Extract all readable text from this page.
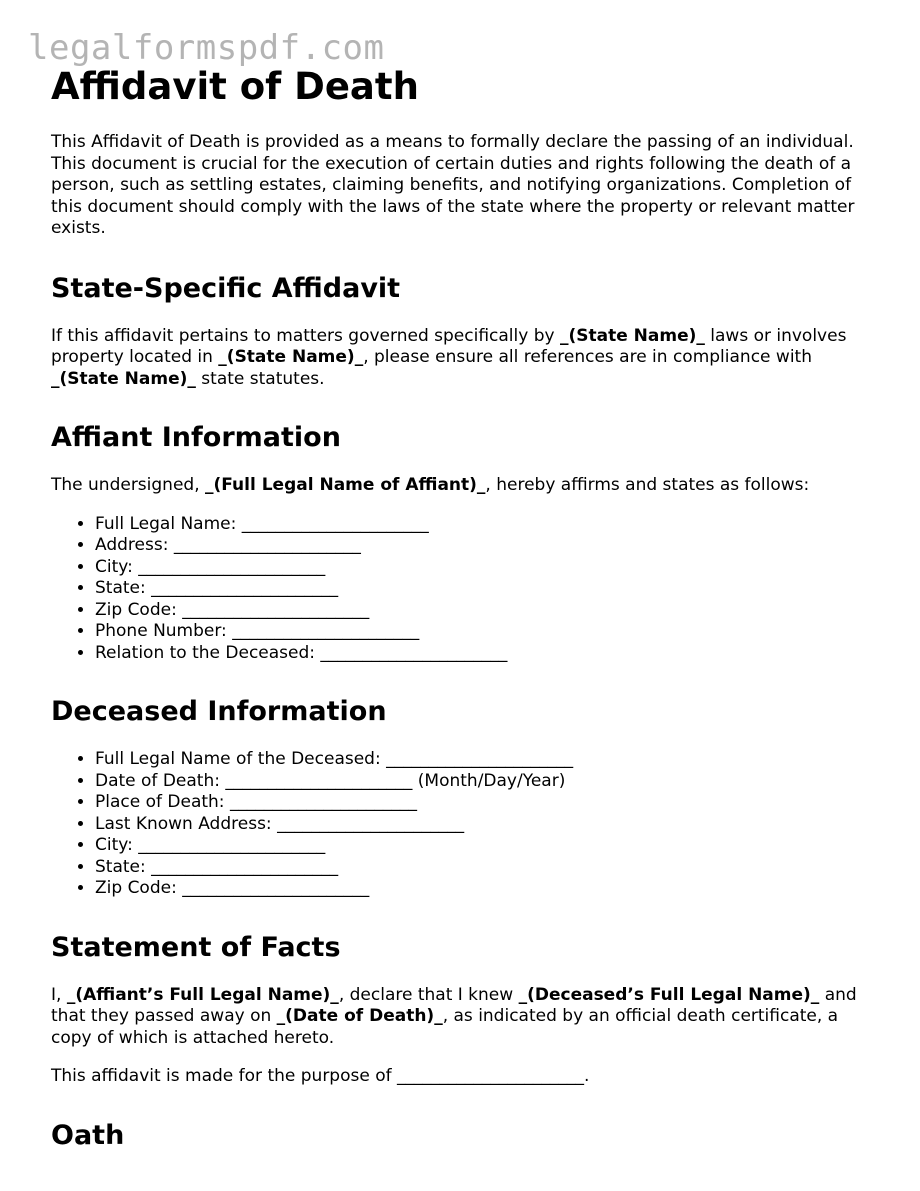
legalformspdf.com
Affidavit of Death

This Affidavit of Death is provided as a means to formally declare the passing of an individual. This document is crucial for the execution of certain duties and rights following the death of a person, such as settling estates, claiming benefits, and notifying organizations. Completion of this document should comply with the laws of the state where the property or relevant matter exists.

State-Specific Affidavit

If this affidavit pertains to matters governed specifically by _(State Name)_ laws or involves property located in _(State Name)_, please ensure all references are in compliance with _(State Name)_ state statutes.

Affiant Information

The undersigned, _(Full Legal Name of Affiant)_, hereby affirms and states as follows:

• Full Legal Name: ______________________
• Address: ______________________
• City: ______________________
• State: ______________________
• Zip Code: ______________________
• Phone Number: ______________________
• Relation to the Deceased: ______________________
Deceased Information
• Full Legal Name of the Deceased: ______________________
• Date of Death: ______________________ (Month/Day/Year)
• Place of Death: ______________________
• Last Known Address: ______________________
• City: ______________________
• State: ______________________
• Zip Code: ______________________
Statement of Facts

I, _(Affiant’s Full Legal Name)_, declare that I knew _(Deceased’s Full Legal Name)_ and that they passed away on _(Date of Death)_, as indicated by an official death certificate, a copy of which is attached hereto.

This affidavit is made for the purpose of ______________________.

Oath
